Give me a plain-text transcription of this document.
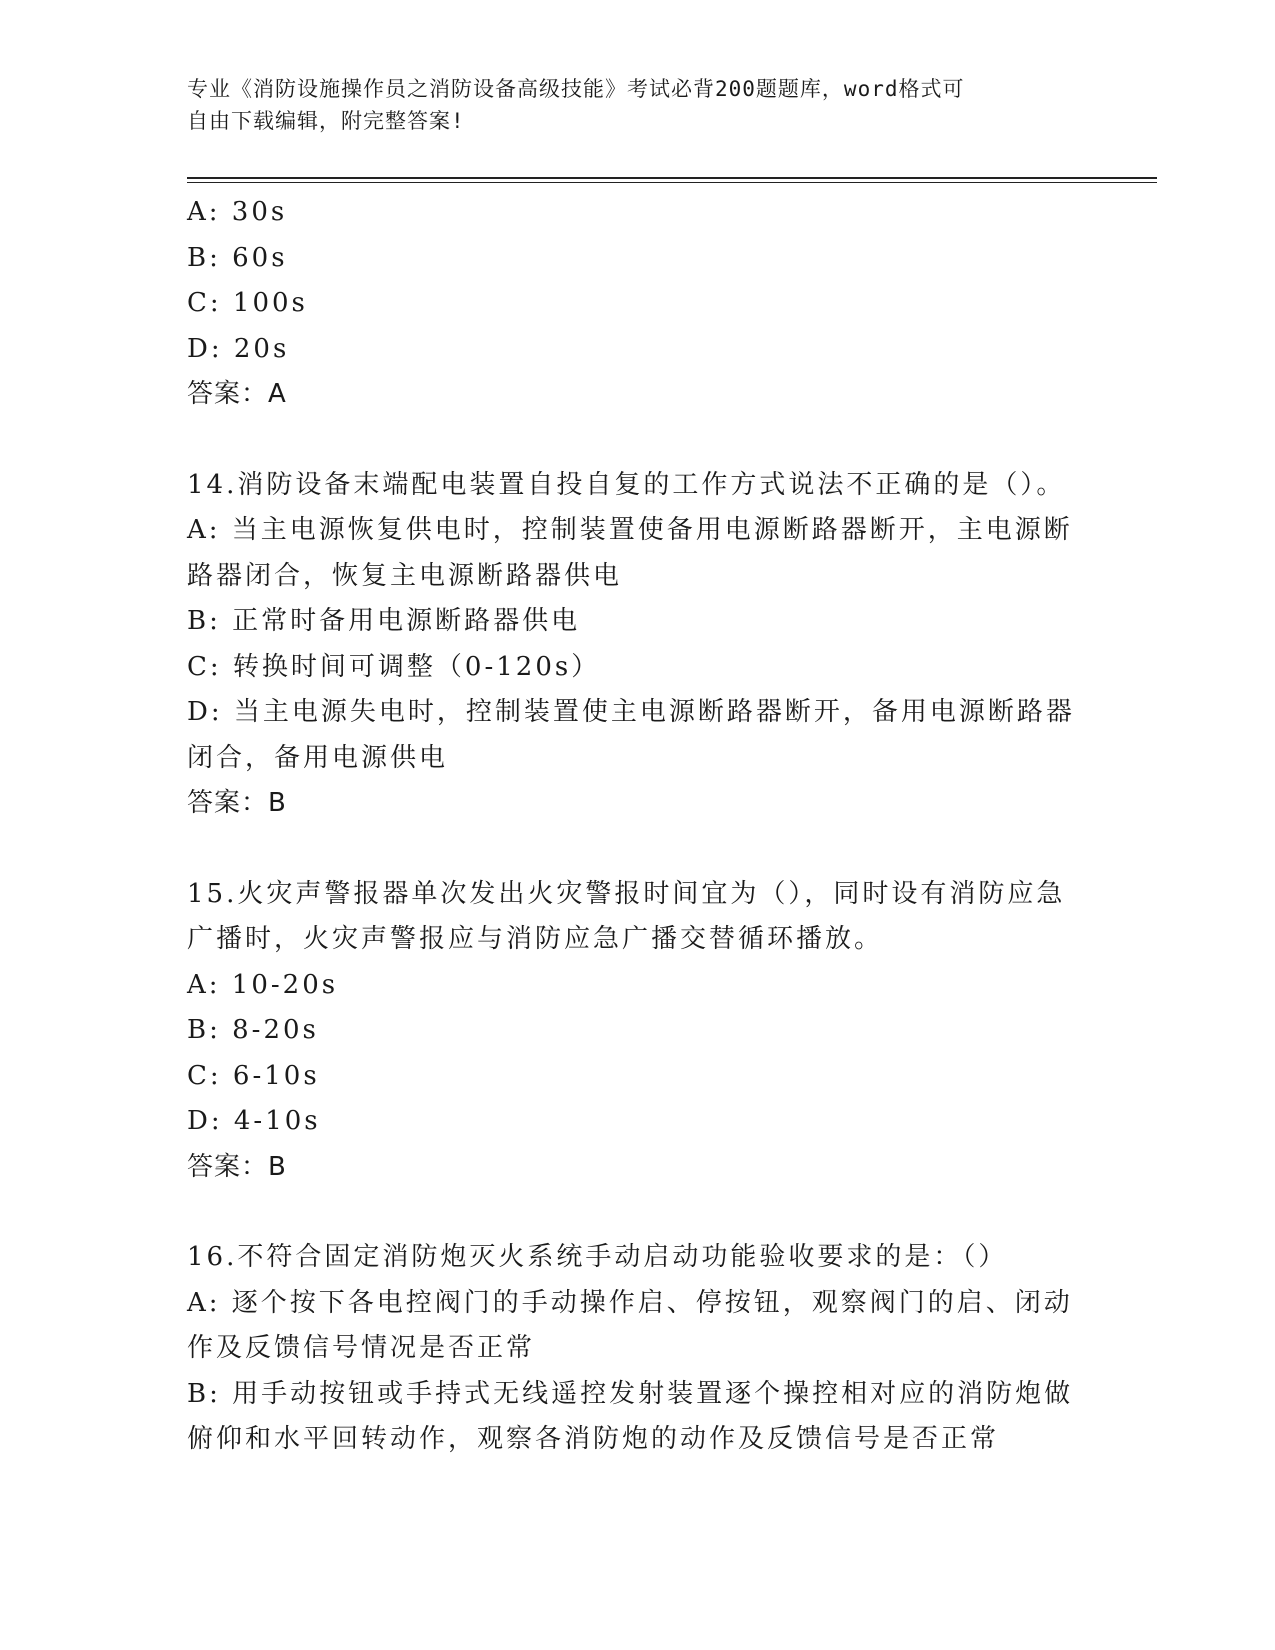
专业《消防设施操作员之消防设备高级技能》考试必背200题题库，word格式可
自由下载编辑，附完整答案!

A: 30s

B: 60s

C: 100s

D: 20s

答案：A

14.消防设备末端配电装置自投自复的工作方式说法不正确的是（）。

A: 当主电源恢复供电时，控制装置使备用电源断路器断开，主电源断路器闭合，恢复主电源断路器供电

B: 正常时备用电源断路器供电

C: 转换时间可调整（0-120s）

D: 当主电源失电时，控制装置使主电源断路器断开，备用电源断路器闭合，备用电源供电

答案：B

15.火灾声警报器单次发出火灾警报时间宜为（），同时设有消防应急广播时，火灾声警报应与消防应急广播交替循环播放。

A: 10-20s

B: 8-20s

C: 6-10s

D: 4-10s

答案：B

16.不符合固定消防炮灭火系统手动启动功能验收要求的是：（）

A: 逐个按下各电控阀门的手动操作启、停按钮，观察阀门的启、闭动作及反馈信号情况是否正常

B: 用手动按钮或手持式无线遥控发射装置逐个操控相对应的消防炮做俯仰和水平回转动作，观察各消防炮的动作及反馈信号是否正常
